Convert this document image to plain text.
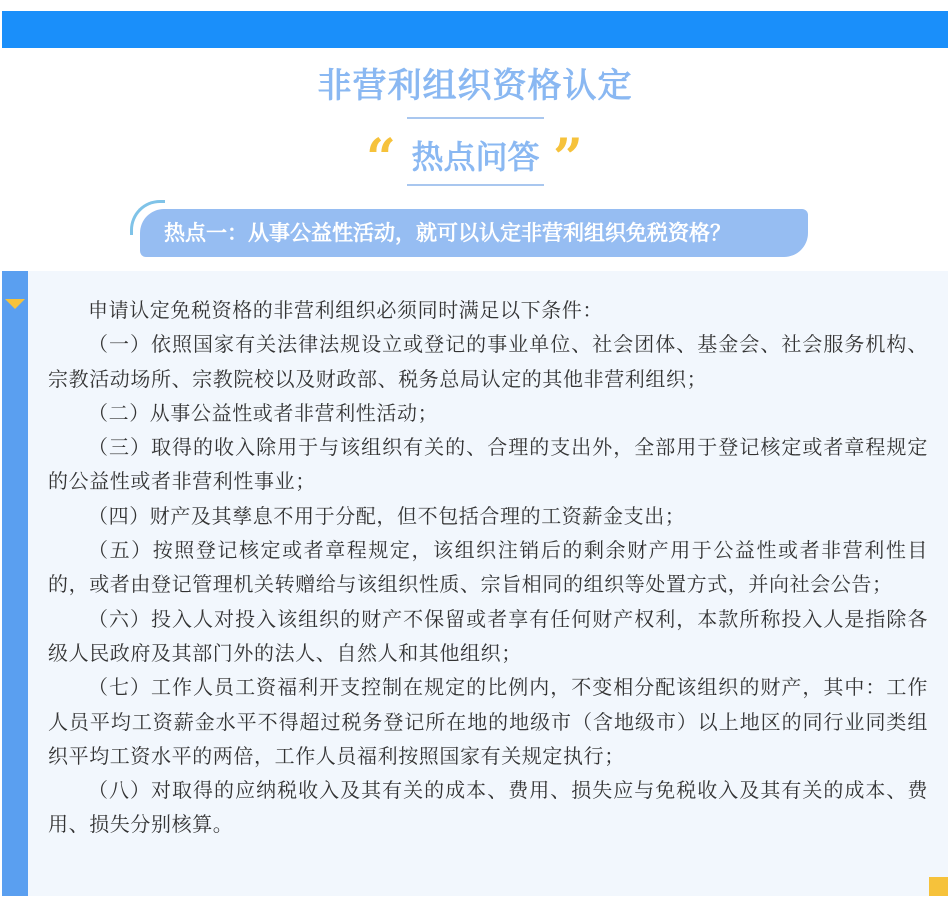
非营利组织资格认定
“ 热点问答 ”
热点一：从事公益性活动，就可以认定非营利组织免税资格？

申请认定免税资格的非营利组织必须同时满足以下条件：

（一）依照国家有关法律法规设立或登记的事业单位、社会团体、基金会、社会服务机构、宗教活动场所、宗教院校以及财政部、税务总局认定的其他非营利组织；

（二）从事公益性或者非营利性活动；

（三）取得的收入除用于与该组织有关的、合理的支出外，全部用于登记核定或者章程规定的公益性或者非营利性事业；

（四）财产及其孳息不用于分配，但不包括合理的工资薪金支出；

（五）按照登记核定或者章程规定，该组织注销后的剩余财产用于公益性或者非营利性目的，或者由登记管理机关转赠给与该组织性质、宗旨相同的组织等处置方式，并向社会公告；

（六）投入人对投入该组织的财产不保留或者享有任何财产权利，本款所称投入人是指除各级人民政府及其部门外的法人、自然人和其他组织；

（七）工作人员工资福利开支控制在规定的比例内，不变相分配该组织的财产，其中：工作人员平均工资薪金水平不得超过税务登记所在地的地级市（含地级市）以上地区的同行业同类组织平均工资水平的两倍，工作人员福利按照国家有关规定执行；

（八）对取得的应纳税收入及其有关的成本、费用、损失应与免税收入及其有关的成本、费用、损失分别核算。
